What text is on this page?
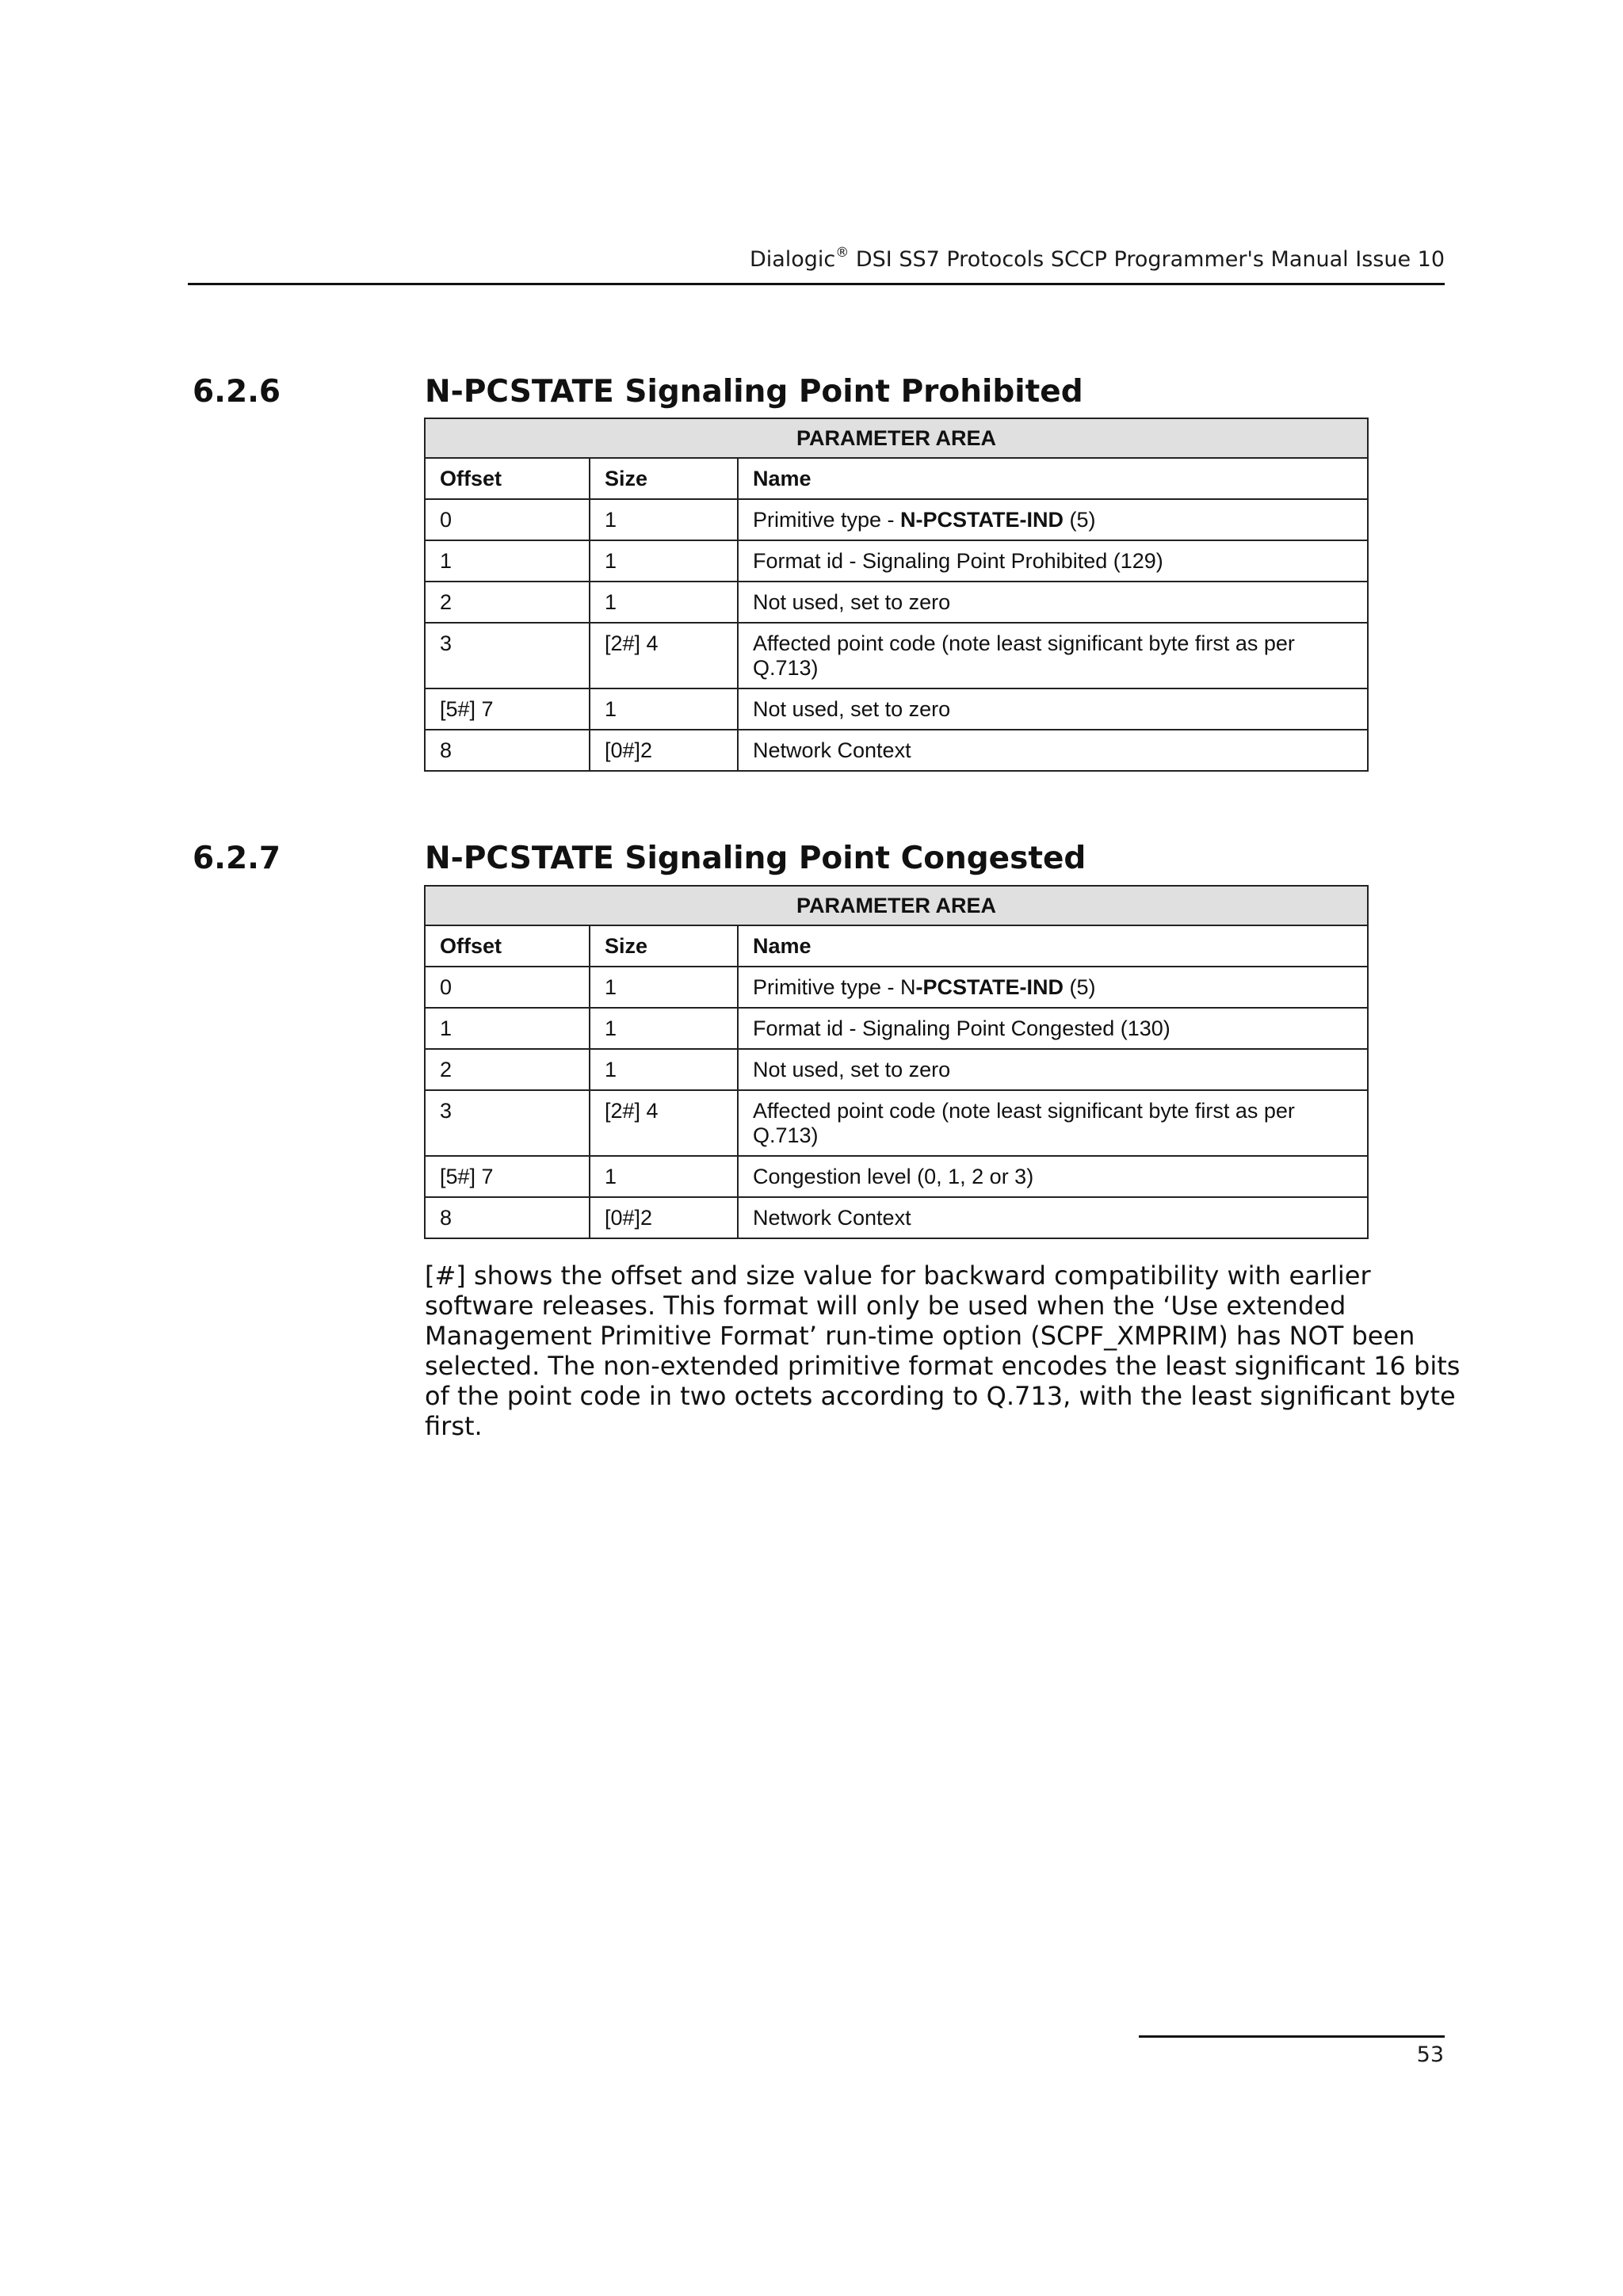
Dialogic® DSI SS7 Protocols SCCP Programmer's Manual Issue 10
6.2.6	N-PCSTATE Signaling Point Prohibited
PARAMETER AREA		
Offset	Size	Name
0	1	Primitive type - N-PCSTATE-IND (5)
1	1	Format id - Signaling Point Prohibited (129)
2	1	Not used, set to zero
3	[2#] 4	Affected point code (note least significant byte first as per Q.713)
[5#] 7	1	Not used, set to zero
8	[0#]2	Network Context
6.2.7	N-PCSTATE Signaling Point Congested
PARAMETER AREA		
Offset	Size	Name
0	1	Primitive type - N-PCSTATE-IND (5)
1	1	Format id - Signaling Point Congested (130)
2	1	Not used, set to zero
3	[2#] 4	Affected point code (note least significant byte first as per Q.713)
[5#] 7	1	Congestion level (0, 1, 2 or 3)
8	[0#]2	Network Context
[#] shows the offset and size value for backward compatibility with earlier
software releases. This format will only be used when the ‘Use extended
Management Primitive Format’ run-time option (SCPF_XMPRIM) has NOT been
selected. The non-extended primitive format encodes the least significant 16 bits
of the point code in two octets according to Q.713, with the least significant byte
first.
53
